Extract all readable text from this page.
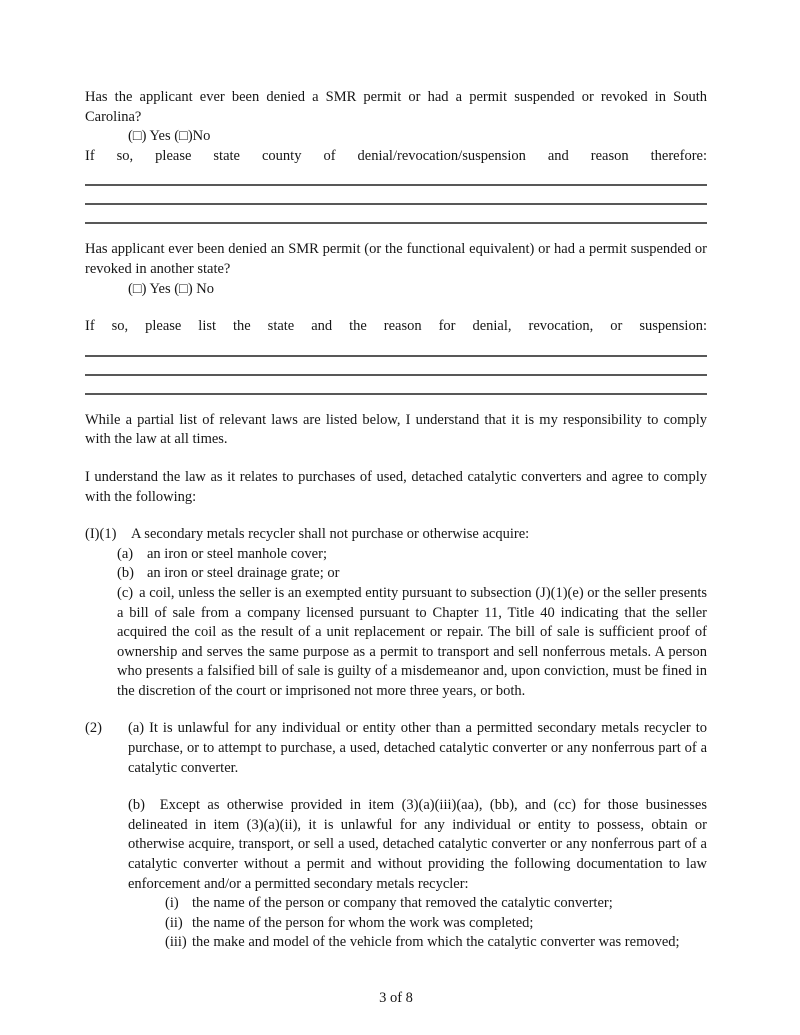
Has the applicant ever been denied a SMR permit or had a permit suspended or revoked in South Carolina?

(□) Yes (□)No

If so, please state county of denial/revocation/suspension and reason therefore:

Has applicant ever been denied an SMR permit (or the functional equivalent) or had a permit suspended or revoked in another state?

(□) Yes (□) No

If so, please list the state and the reason for denial, revocation, or suspension:

While a partial list of relevant laws are listed below, I understand that it is my responsibility to comply with the law at all times.

I understand the law as it relates to purchases of used, detached catalytic converters and agree to comply with the following:

(I)(1)	A secondary metals recycler shall not purchase or otherwise acquire:
(a) an iron or steel manhole cover;
(b) an iron or steel drainage grate; or

(c) a coil, unless the seller is an exempted entity pursuant to subsection (J)(1)(e) or the seller presents a bill of sale from a company licensed pursuant to Chapter 11, Title 40 indicating that the seller acquired the coil as the result of a unit replacement or repair. The bill of sale is sufficient proof of ownership and serves the same purpose as a permit to transport and sell nonferrous metals. A person who presents a falsified bill of sale is guilty of a misdemeanor and, upon conviction, must be fined in the discretion of the court or imprisoned not more three years, or both.

(2) (a) It is unlawful for any individual or entity other than a permitted secondary metals recycler to purchase, or to attempt to purchase, a used, detached catalytic converter or any nonferrous part of a catalytic converter.

(b)  Except as otherwise provided in item (3)(a)(iii)(aa), (bb), and (cc) for those businesses delineated in item (3)(a)(ii), it is unlawful for any individual or entity to possess, obtain or otherwise acquire, transport, or sell a used, detached catalytic converter or any nonferrous part of a catalytic converter without a permit and without providing the following documentation to law enforcement and/or a permitted secondary metals recycler:

(i) the name of the person or company that removed the catalytic converter;
(ii) the name of the person for whom the work was completed;
(iii) the make and model of the vehicle from which the catalytic converter was removed;
3 of 8
